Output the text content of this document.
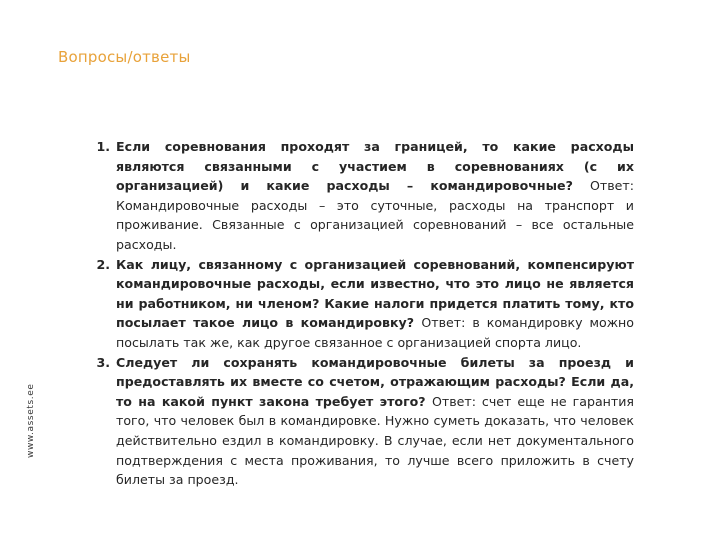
Вопросы/ответы
1. Если соревнования проходят за границей, то какие расходы являются связанными с участием в соревнованиях (с их организацией) и какие расходы – командировочные? Ответ: Командировочные расходы – это суточные, расходы на транспорт и проживание. Связанные с организацией соревнований – все остальные расходы.
2. Как лицу, связанному с организацией соревнований, компенсируют командировочные расходы, если известно, что это лицо не является ни работником, ни членом? Какие налоги придется платить тому, кто посылает такое лицо в командировку? Ответ: в командировку можно посылать так же, как другое связанное с организацией спорта лицо.
3. Следует ли сохранять командировочные билеты за проезд и предоставлять их вместе со счетом, отражающим расходы? Если да, то на какой пункт закона требует этого? Ответ: счет еще не гарантия того, что человек был в командировке. Нужно суметь доказать, что человек действительно ездил в командировку. В случае, если нет документального подтверждения с места проживания, то лучше всего приложить в счету билеты за проезд.
www.assets.ee
